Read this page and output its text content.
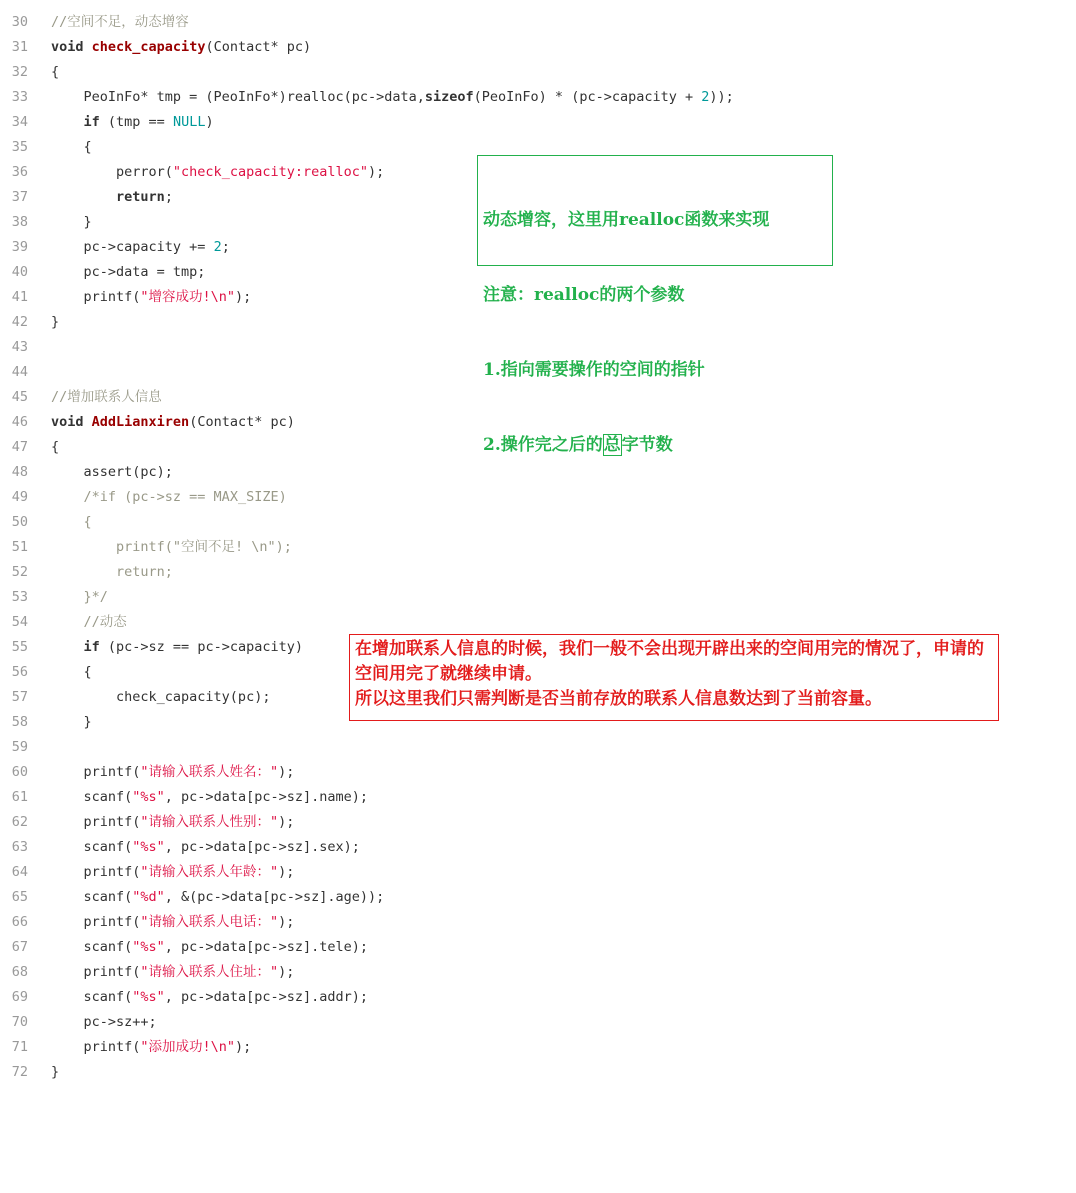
30 //空间不足，动态增容
31 void check_capacity(Contact* pc)
32 {
33 PeoInFo* tmp = (PeoInFo*)realloc(pc->data,sizeof(PeoInFo) * (pc->capacity + 2));
34	if (tmp == NULL)
35 {
36 perror("check_capacity:realloc");
37	return;
38 }
39 pc->capacity += 2;
40 pc->data = tmp;
41 printf("增容成功!\n");
42 }
43
44
45 //增加联系人信息
46 void AddLianxiren(Contact* pc)
47 {
48 assert(pc);
49	/*if (pc->sz == MAX_SIZE)
50 {
51 printf("空间不足! \n");
52 return;
53 }*/
54	//动态
55	if (pc->sz == pc->capacity)
56 {
57 check_capacity(pc);
58 }
59
60 printf("请输入联系人姓名：");
61 scanf("%s", pc->data[pc->sz].name);
62 printf("请输入联系人性别：");
63 scanf("%s", pc->data[pc->sz].sex);
64 printf("请输入联系人年龄：");
65 scanf("%d", &(pc->data[pc->sz].age));
66 printf("请输入联系人电话：");
67 scanf("%s", pc->data[pc->sz].tele);
68 printf("请输入联系人住址：");
69 scanf("%s", pc->data[pc->sz].addr);
70 pc->sz++;
71 printf("添加成功!\n");
72 }

动态增容，这里用realloc函数来实现

注意：realloc的两个参数

1.指向需要操作的空间的指针

2.操作完之后的总字节数

在增加联系人信息的时候，我们一般不会出现开辟出来的空间用完的情况了，申请的空间用完了就继续申请。
所以这里我们只需判断是否当前存放的联系人信息数达到了当前容量。
